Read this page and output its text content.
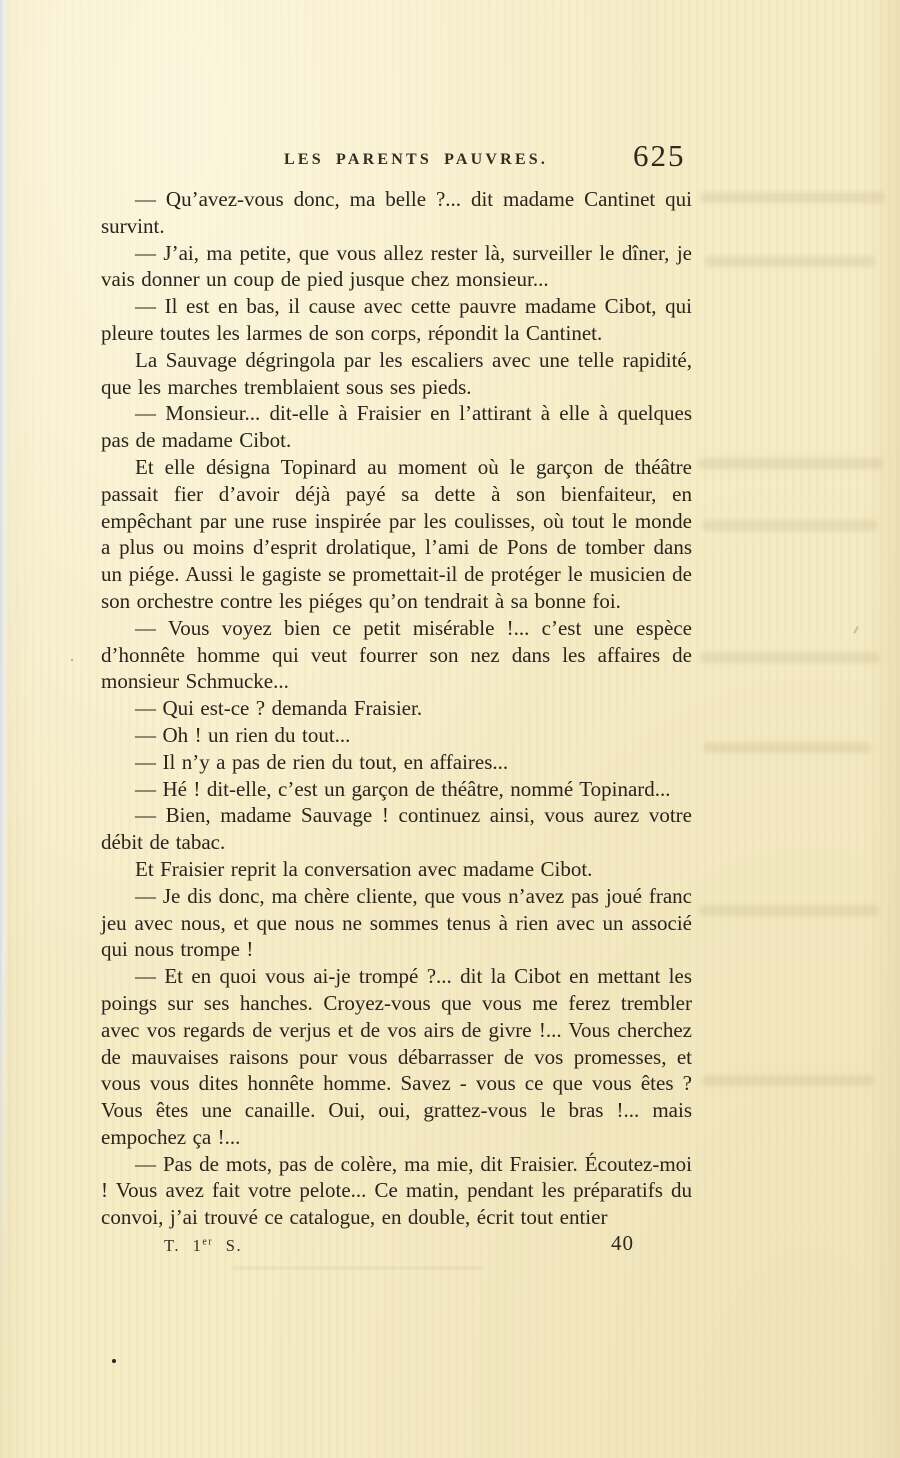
LES PARENTS PAUVRES.	625

— Qu’avez-vous donc, ma belle ?... dit madame Cantinet qui survint.

— J’ai, ma petite, que vous allez rester là, surveiller le dîner, je vais donner un coup de pied jusque chez monsieur...

— Il est en bas, il cause avec cette pauvre madame Cibot, qui pleure toutes les larmes de son corps, répondit la Cantinet.

La Sauvage dégringola par les escaliers avec une telle rapidité, que les marches tremblaient sous ses pieds.

— Monsieur... dit-elle à Fraisier en l’attirant à elle à quelques pas de madame Cibot.

Et elle désigna Topinard au moment où le garçon de théâtre passait fier d’avoir déjà payé sa dette à son bienfaiteur, en empêchant par une ruse inspirée par les coulisses, où tout le monde a plus ou moins d’esprit drolatique, l’ami de Pons de tomber dans un piége. Aussi le gagiste se promettait-il de protéger le musicien de son orchestre contre les piéges qu’on tendrait à sa bonne foi.

— Vous voyez bien ce petit misérable !... c’est une espèce d’honnête homme qui veut fourrer son nez dans les affaires de monsieur Schmucke...

— Qui est-ce ? demanda Fraisier.

— Oh ! un rien du tout...

— Il n’y a pas de rien du tout, en affaires...

— Hé ! dit-elle, c’est un garçon de théâtre, nommé Topinard...

— Bien, madame Sauvage ! continuez ainsi, vous aurez votre débit de tabac.

Et Fraisier reprit la conversation avec madame Cibot.

— Je dis donc, ma chère cliente, que vous n’avez pas joué franc jeu avec nous, et que nous ne sommes tenus à rien avec un associé qui nous trompe !

— Et en quoi vous ai-je trompé ?... dit la Cibot en mettant les poings sur ses hanches. Croyez-vous que vous me ferez trembler avec vos regards de verjus et de vos airs de givre !... Vous cherchez de mauvaises raisons pour vous débarrasser de vos promesses, et vous vous dites honnête homme. Savez - vous ce que vous êtes ? Vous êtes une canaille. Oui, oui, grattez-vous le bras !... mais empochez ça !...

— Pas de mots, pas de colère, ma mie, dit Fraisier. Écoutez-moi ! Vous avez fait votre pelote... Ce matin, pendant les préparatifs du convoi, j’ai trouvé ce catalogue, en double, écrit tout entier

T. 1er S.	40
